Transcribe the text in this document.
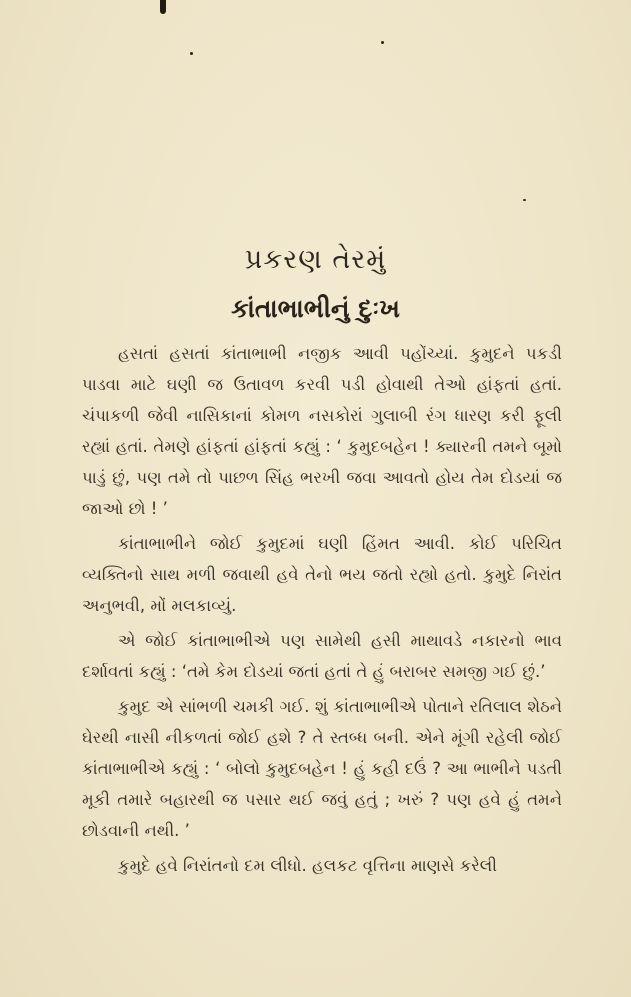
પ્રકરણ તેરમું
કાંતાભાભીનું દુઃખ

હસતાં હસતાં કાંતાભાભી નજીક આવી પહોંચ્યાં. કુમુદને પકડી પાડવા માટે ઘણી જ ઉતાવળ કરવી પડી હોવાથી તેઓ હાંફતાં હતાં. ચંપાકળી જેવી નાસિકાનાં કોમળ નસકોરાં ગુલાબી રંગ ધારણ કરી ફૂલી રહ્યાં હતાં. તેમણે હાંફતાં હાંફતાં કહ્યું : ‘ કુમુદબહેન ! ક્યારની તમને બૂમો પાડું છું, પણ તમે તો પાછળ સિંહ ભરખી જવા આવતો હોય તેમ દોડયાં જ જાઓ છો ! ’

કાંતાભાભીને જોઈ કુમુદમાં ઘણી હિંમત આવી. કોઈ પરિચિત વ્યક્તિનો સાથ મળી જવાથી હવે તેનો ભય જતો રહ્યો હતો. કુમુદે નિરાંત અનુભવી, મોં મલકાવ્યું.

એ જોઈ કાંતાભાભીએ પણ સામેથી હસી માથાવડે નકારનો ભાવ દર્શાવતાં કહ્યું : ‘તમે કેમ દોડયાં જતાં હતાં તે હું બરાબર સમજી ગઈ છું.’

કુમુદ એ સાંભળી ચમકી ગઈ. શું કાંતાભાભીએ પોતાને રતિલાલ શેઠને ઘેરથી નાસી નીકળતાં જોઈ હશે ? તે સ્તબ્ધ બની. એને મૂંગી રહેલી જોઈ કાંતાભાભીએ કહ્યું : ‘ બોલો કુમુદબહેન ! હું કહી દઉં ? આ ભાભીને પડતી મૂકી તમારે બહારથી જ પસાર થઈ જવું હતું ; ખરું ? પણ હવે હું તમને છોડવાની નથી. ’

કુમુદે હવે નિરાંતનો દમ લીધો. હલકટ વૃત્તિના માણસે કરેલી
